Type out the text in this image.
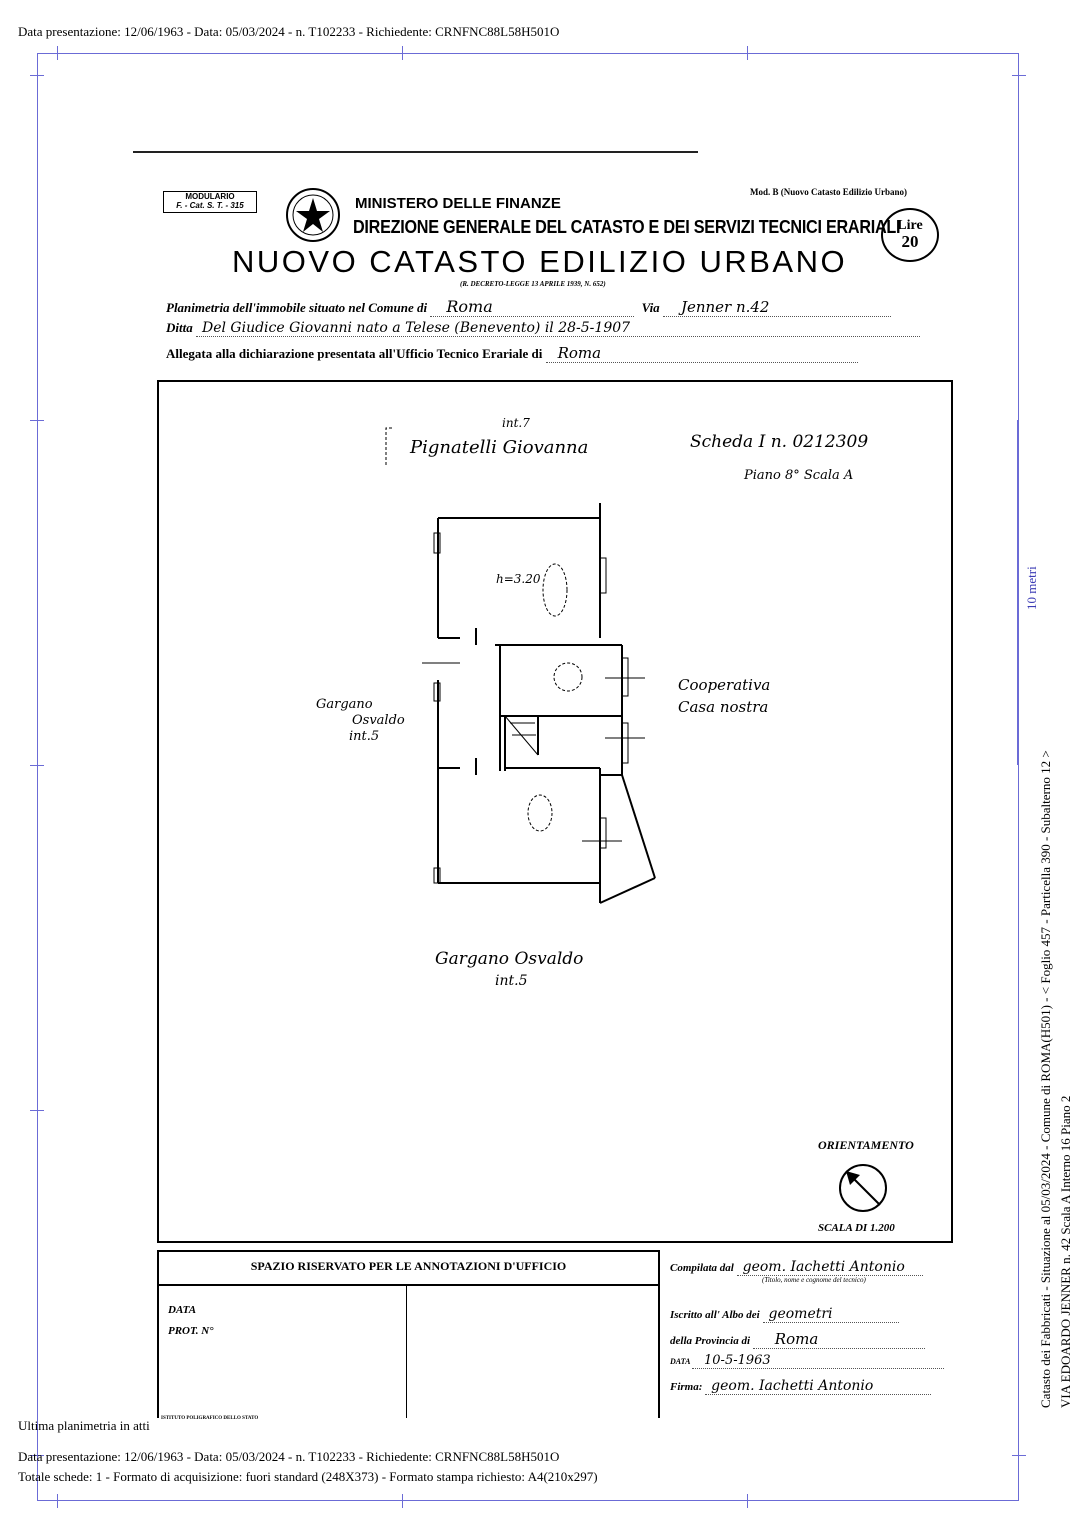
Data presentazione: 12/06/1963 - Data: 05/03/2024 - n. T102233 - Richiedente: CRNFNC88L58H501O
10 metri
Catasto dei Fabbricati - Situazione al 05/03/2024 - Comune di ROMA(H501) - < Foglio 457 - Particella 390 - Subalterno 12 > VIA EDOARDO JENNER n. 42 Scala A Interno 16 Piano 2
MODULARIO
F. - Cat. S. T. - 315
Mod. B (Nuovo Catasto Edilizio Urbano)
MINISTERO DELLE FINANZE
DIREZIONE GENERALE DEL CATASTO E DEI SERVIZI TECNICI ERARIALI
Lire
20
NUOVO CATASTO EDILIZIO URBANO
(R. DECRETO-LEGGE 13 APRILE 1939, N. 652)
Planimetria dell'immobile situato nel Comune di Roma	Via Jenner n.42
Ditta Del Giudice Giovanni nato a Telese (Benevento) il 28-5-1907
Allegata alla dichiarazione presentata all'Ufficio Tecnico Erariale di Roma
int.7
Pignatelli Giovanna	Scheda I n. 0212309
Piano 8° Scala A
h=3.20
Gargano
Osvaldo
int.5
Cooperativa
Casa nostra
Gargano Osvaldo
int.5
ORIENTAMENTO
SCALA DI 1.200
SPAZIO RISERVATO PER LE ANNOTAZIONI D'UFFICIO
DATA
PROT. N°
Compilata dal geom. Iachetti Antonio
(Titolo, nome e cognome del tecnico)
Iscritto all' Albo dei geometri
della Provincia di Roma
DATA 10-5-1963
Firma: geom. Iachetti Antonio
ISTITUTO POLIGRAFICO DELLO STATO
Ultima planimetria in atti
Data presentazione: 12/06/1963 - Data: 05/03/2024 - n. T102233 - Richiedente: CRNFNC88L58H501O
Totale schede: 1 - Formato di acquisizione: fuori standard (248X373) - Formato stampa richiesto: A4(210x297)
